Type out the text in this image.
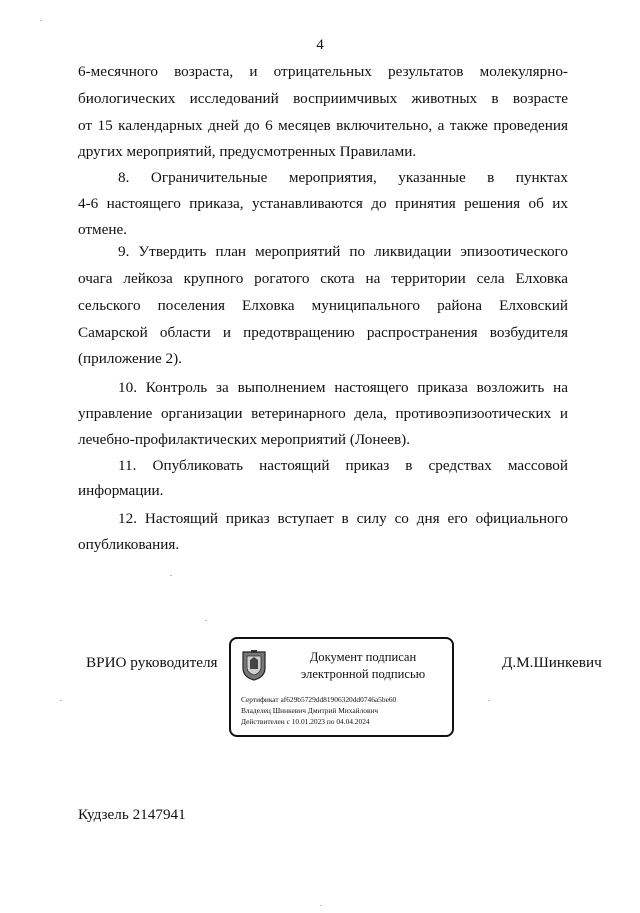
4
6-месячного возраста, и отрицательных результатов молекулярно-
биологических исследований восприимчивых животных в возрасте
от 15 календарных дней до 6 месяцев включительно, а также проведения
других мероприятий, предусмотренных Правилами.
8. Ограничительные мероприятия, указанные в пунктах
4-6 настоящего приказа, устанавливаются до принятия решения об их
отмене.
9. Утвердить план мероприятий по ликвидации эпизоотического
очага лейкоза крупного рогатого скота на территории села Елховка
сельского поселения Елховка муниципального района Елховский
Самарской области и предотвращению распространения возбудителя
(приложение 2).
10. Контроль за выполнением настоящего приказа возложить на
управление организации ветеринарного дела, противоэпизоотических и
лечебно-профилактических мероприятий (Лонеев).
11. Опубликовать настоящий приказ в средствах массовой
информации.
12. Настоящий приказ вступает в силу со дня его официального
опубликования.
ВРИО руководителя	Документ подписан
электронной подписью
Сертификат af629b5729dd81906320dd0746a5be60
Владелец Шинкевич Дмитрий Михайлович
Действителен с 10.01.2023 по 04.04.2024
Д.М.Шинкевич
Кудзель 2147941
